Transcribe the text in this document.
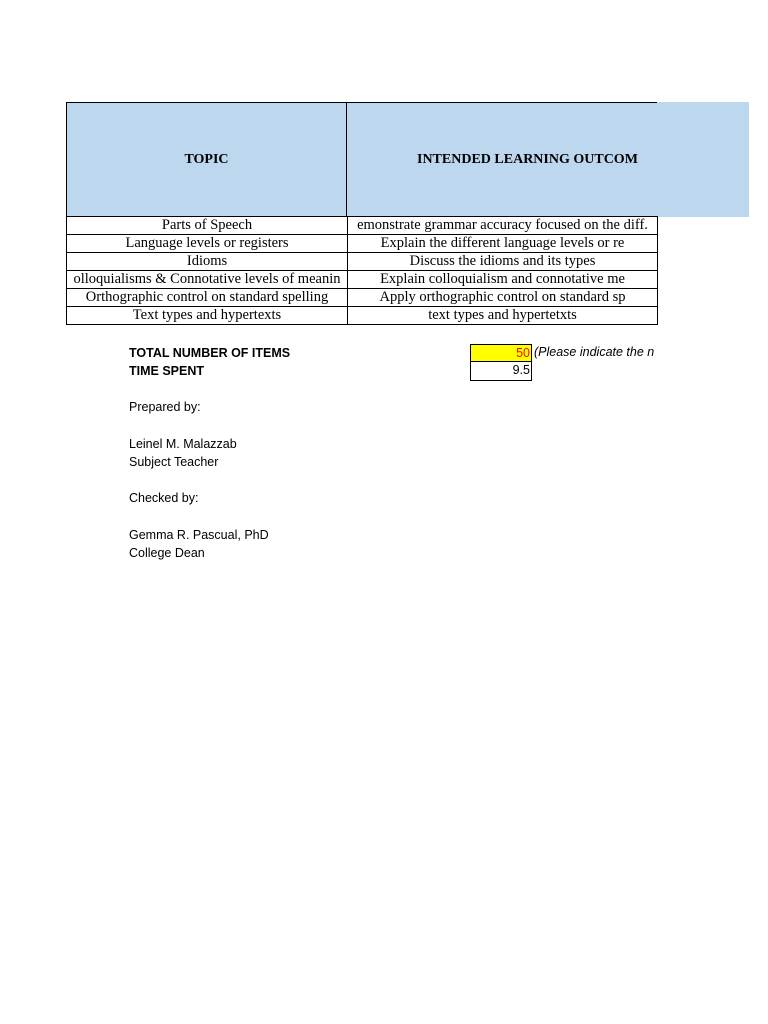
TOPIC	INTENDED LEARNING OUTCOM
Parts of Speech	emonstrate grammar accuracy focused on the diff.
Language levels or registers	Explain the different language levels or re
Idioms	Discuss the idioms and its types
olloquialisms & Connotative levels of meanin	Explain colloquialism and connotative me
Orthographic control on standard spelling	Apply orthographic control on standard sp
Text types and hypertexts	text types and hypertetxts
TOTAL NUMBER OF ITEMS	50 (Please indicate the n
TIME SPENT	9.5
Prepared by:
Leinel M. Malazzab
Subject Teacher
Checked by:
Gemma R. Pascual, PhD
College Dean
